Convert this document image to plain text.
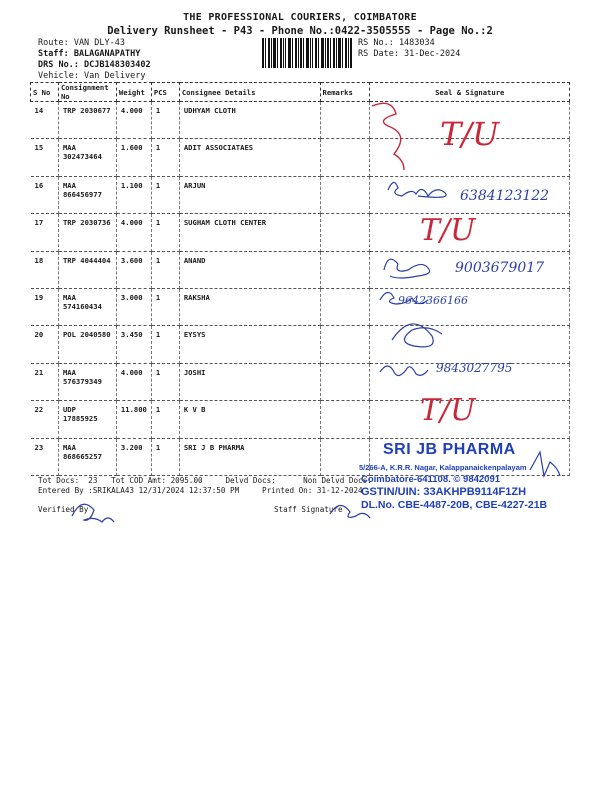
THE PROFESSIONAL COURIERS, COIMBATORE
Delivery Runsheet - P43 - Phone No.:0422-3505555 - Page No.:2
Route: VAN DLY-43
Staff: BALAGANAPATHY
DRS No.: DCJB148303402
Vehicle: Van Delivery
RS No.: 1483034
RS Date: 31-Dec-2024
S No	Consignment No	Weight	PCS	Consignee Details	Remarks	Seal & Signature
14	TRP 2030677	4.000	1	UDHYAM CLOTH		
15	MAA 302473464	1.600	1	ADIT ASSOCIATAES		
16	MAA 866456977	1.100	1	ARJUN		
17	TRP 2030736	4.000	1	SUGHAM CLOTH CENTER		
18	TRP 4044404	3.600	1	ANAND		
19	MAA 574160434	3.000	1	RAKSHA		
20	POL 2040580	3.450	1	EYSYS		
21	MAA 576379349	4.000	1	JOSHI		
22	UDP 17885925	11.800	1	K V B		
23	MAA 868665257	3.200	1	SRI J B PHARMA		
Tot Docs:  23   Tot COD Amt: 2095.00     Delvd Docs:      Non Delvd Docs:
Entered By :SRIKALA43 12/31/2024 12:37:50 PM     Printed On: 31-12-2024
Verified By	Staff Signature
SRI JB PHARMA
5/266-A, K.R.R. Nagar, Kalappanaickenpalayam
Coimbatore-641108. © 9842091
GSTIN/UIN: 33AKHPB9114F1ZH
DL.No. CBE-4487-20B, CBE-4227-21B
T/U
6384123122
T/U
9003679017
9642366166
9843027795
T/U
